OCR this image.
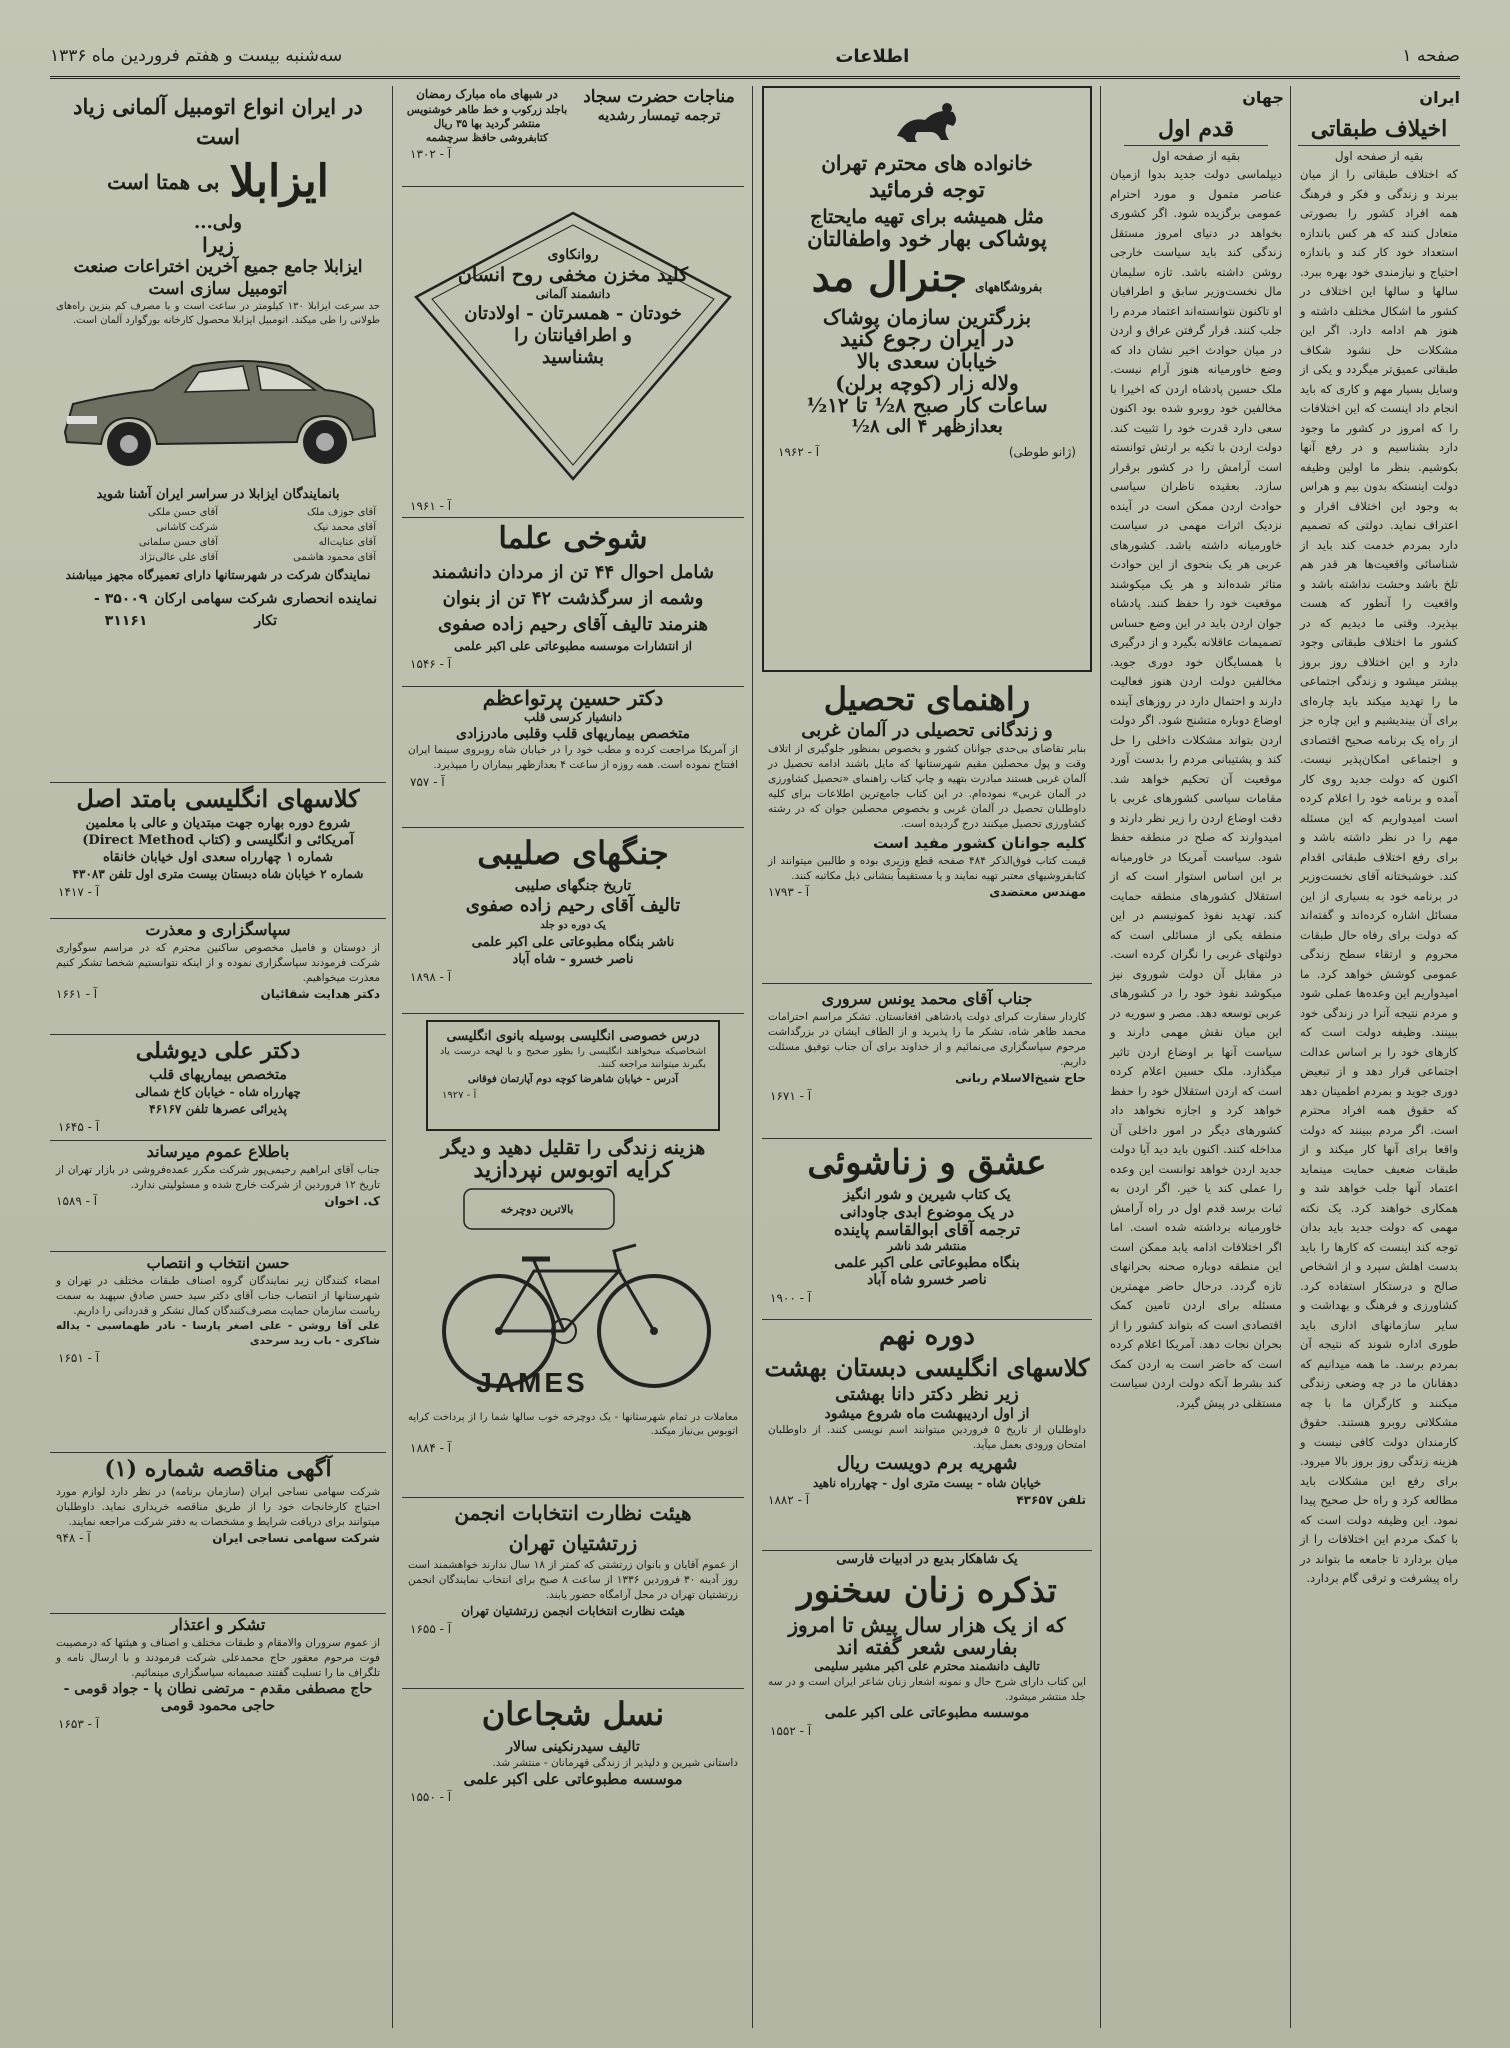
صفحه ۱
اطلاعات
سه‌شنبه بیست و هفتم فروردین ماه ۱۳۳۶
ایران
اخیلاف طبقاتی
بقیه از صفحه اول

که اختلاف طبقاتی را از میان ببرند و زندگی و فکر و فرهنگ همه افراد کشور را بصورتی متعادل کنند که هر کس باندازه استعداد خود کار کند و باندازه احتیاج و نیازمندی خود بهره ببرد. سالها و سالها این اختلاف در کشور ما اشکال مختلف داشته و هنوز هم ادامه دارد. اگر این مشکلات حل نشود شکاف طبقاتی عمیق‌تر میگردد و یکی از وسایل بسیار مهم و کاری که باید انجام داد اینست که این اختلافات را که امروز در کشور ما وجود دارد بشناسیم و در رفع آنها بکوشیم. بنظر ما اولین وظیفه دولت اینستکه بدون بیم و هراس به وجود این اختلاف اقرار و اعتراف نماید. دولتی که تصمیم دارد بمردم خدمت کند باید از شناسائی واقعیت‌ها هر قدر هم تلخ باشد وحشت نداشته باشد و واقعیت را آنطور که هست بپذیرد. وقتی ما دیدیم که در کشور ما اختلاف طبقاتی وجود دارد و این اختلاف روز بروز بیشتر میشود و زندگی اجتماعی ما را تهدید میکند باید چاره‌ای برای آن بیندیشیم و این چاره جز از راه یک برنامه صحیح اقتصادی و اجتماعی امکان‌پذیر نیست. اکنون که دولت جدید روی کار آمده و برنامه خود را اعلام کرده است امیدواریم که این مسئله مهم را در نظر داشته باشد و برای رفع اختلاف طبقاتی اقدام کند. خوشبختانه آقای نخست‌وزیر در برنامه خود به بسیاری از این مسائل اشاره کرده‌اند و گفته‌اند که دولت برای رفاه حال طبقات محروم و ارتقاء سطح زندگی عمومی کوشش خواهد کرد. ما امیدواریم این وعده‌ها عملی شود و مردم نتیجه آنرا در زندگی خود ببینند. وظیفه دولت است که کارهای خود را بر اساس عدالت اجتماعی قرار دهد و از تبعیض دوری جوید و بمردم اطمینان دهد که حقوق همه افراد محترم است. اگر مردم ببینند که دولت واقعا برای آنها کار میکند و از طبقات ضعیف حمایت مینماید اعتماد آنها جلب خواهد شد و همکاری خواهند کرد. یک نکته مهمی که دولت جدید باید بدان توجه کند اینست که کارها را باید بدست اهلش سپرد و از اشخاص صالح و درستکار استفاده کرد. کشاورزی و فرهنگ و بهداشت و سایر سازمانهای اداری باید طوری اداره شوند که نتیجه آن بمردم برسد. ما همه میدانیم که دهقانان ما در چه وضعی زندگی میکنند و کارگران ما با چه مشکلاتی روبرو هستند. حقوق کارمندان دولت کافی نیست و هزینه زندگی روز بروز بالا میرود. برای رفع این مشکلات باید مطالعه کرد و راه حل صحیح پیدا نمود. این وظیفه دولت است که با کمک مردم این اختلافات را از میان بردارد تا جامعه ما بتواند در راه پیشرفت و ترقی گام بردارد.

جهان
قدم اول
بقیه از صفحه اول

دیپلماسی دولت جدید بدوا ازمیان عناصر متمول و مورد احترام عمومی برگزیده شود. اگر کشوری بخواهد در دنیای امروز مستقل زندگی کند باید سیاست خارجی روشن داشته باشد. تازه سلیمان مال نخست‌وزیر سابق و اطرافیان او تاکنون نتوانسته‌اند اعتماد مردم را جلب کنند. قرار گرفتن عراق و اردن در میان حوادث اخیر نشان داد که وضع خاورمیانه هنوز آرام نیست. ملک حسین پادشاه اردن که اخیرا با مخالفین خود روبرو شده بود اکنون سعی دارد قدرت خود را تثبیت کند. دولت اردن با تکیه بر ارتش توانسته است آرامش را در کشور برقرار سازد. بعقیده ناظران سیاسی حوادث اردن ممکن است در آینده نزدیک اثرات مهمی در سیاست خاورمیانه داشته باشد. کشورهای عربی هر یک بنحوی از این حوادث متاثر شده‌اند و هر یک میکوشند موقعیت خود را حفظ کنند. پادشاه جوان اردن باید در این وضع حساس تصمیمات عاقلانه بگیرد و از درگیری با همسایگان خود دوری جوید. مخالفین دولت اردن هنوز فعالیت دارند و احتمال دارد در روزهای آینده اوضاع دوباره متشنج شود. اگر دولت اردن بتواند مشکلات داخلی را حل کند و پشتیبانی مردم را بدست آورد موقعیت آن تحکیم خواهد شد. مقامات سیاسی کشورهای غربی با دقت اوضاع اردن را زیر نظر دارند و امیدوارند که صلح در منطقه حفظ شود. سیاست آمریکا در خاورمیانه بر این اساس استوار است که از استقلال کشورهای منطقه حمایت کند. تهدید نفوذ کمونیسم در این منطقه یکی از مسائلی است که دولتهای غربی را نگران کرده است. در مقابل آن دولت شوروی نیز میکوشد نفوذ خود را در کشورهای عربی توسعه دهد. مصر و سوریه در این میان نقش مهمی دارند و سیاست آنها بر اوضاع اردن تاثیر میگذارد. ملک حسین اعلام کرده است که اردن استقلال خود را حفظ خواهد کرد و اجازه نخواهد داد کشورهای دیگر در امور داخلی آن مداخله کنند. اکنون باید دید آیا دولت جدید اردن خواهد توانست این وعده را عملی کند یا خیر. اگر اردن به ثبات برسد قدم اول در راه آرامش خاورمیانه برداشته شده است. اما اگر اختلافات ادامه یابد ممکن است این منطقه دوباره صحنه بحرانهای تازه گردد. درحال حاضر مهمترین مسئله برای اردن تامین کمک اقتصادی است که بتواند کشور را از بحران نجات دهد. آمریکا اعلام کرده است که حاضر است به اردن کمک کند بشرط آنکه دولت اردن سیاست مستقلی در پیش گیرد.

خانواده های محترم تهران
توجه فرمائید
مثل همیشه برای تهیه مایحتاج
پوشاکی بهار خود واطفالتان
بفروشگاههای
جنرال مد
بزرگترین سازمان پوشاک
در ایران رجوع کنید
خیابان سعدی بالا
ولاله زار (کوچه برلن)
ساعات کار صبح ۸½ تا ۱۲½
بعدازظهر ۴ الی ۸½
(ژانو طوطی)
آ - ۱۹۶۲
راهنمای تحصیل
و زندگانی تحصیلی در آلمان غربی

بنابر تقاضای بی‌حدی جوانان کشور و بخصوص بمنظور جلوگیری از اتلاف وقت و پول محصلین مقیم شهرستانها که مایل باشند ادامه تحصیل در آلمان غربی هستند مبادرت بتهیه و چاپ کتاب راهنمای «تحصیل کشاورزی در آلمان غربی» نموده‌ام. در این کتاب جامع‌ترین اطلاعات برای کلیه داوطلبان تحصیل در آلمان غربی و بخصوص محصلین جوان که در رشته کشاورزی تحصیل میکنند درج گردیده است.

کلیه جوانان کشور مفید است

قیمت کتاب فوق‌الذکر ۴۸۴ صفحه قطع وزیری بوده و طالبین میتوانند از کتابفروشیهای معتبر تهیه نمایند و یا مستقیماً بنشانی ذیل مکاتبه کنند.

مهندس معتضدی
آ - ۱۷۹۳
جناب آقای محمد یونس سروری

کاردار سفارت کبرای دولت پادشاهی افغانستان. تشکر مراسم احترامات محمد ظاهر شاه، تشکر ما را پذیرید و از الطاف ایشان در بزرگداشت مرحوم سپاسگزاری می‌نمائیم و از خداوند برای آن جناب توفیق مسئلت داریم.

حاج شیخ‌الاسلام ربانی
آ - ۱۶۷۱
عشق و زناشوئی
یک کتاب شیرین و شور انگیز
در یک موضوع ابدی جاودانی
ترجمه آقای ابوالقاسم پاینده
منتشر شد ناشر
بنگاه مطبوعاتی علی اکبر علمی
ناصر خسرو شاه آباد
آ - ۱۹۰۰
دوره نهم
کلاسهای انگلیسی دبستان بهشت
زیر نظر دکتر دانا بهشتی
از اول اردیبهشت ماه شروع میشود

داوطلبان از تاریخ ۵ فروردین میتوانند اسم نویسی کنند. از داوطلبان امتحان ورودی بعمل میآید.

شهریه برم دویست ریال
خیابان شاه - بیست متری اول - چهارراه ناهید
تلفن ۴۳۶۵۷
آ - ۱۸۸۲
یک شاهکار بدیع در ادبیات فارسی
تذکره زنان سخنور
که از یک هزار سال پیش تا امروز
بفارسی شعر گفته اند
تالیف دانشمند محترم علی اکبر مشیر سلیمی

این کتاب دارای شرح حال و نمونه اشعار زنان شاعر ایران است و در سه جلد منتشر میشود.

موسسه مطبوعاتی علی اکبر علمی
آ - ۱۵۵۲
مناجات حضرت سجاد
ترجمه تیمسار رشدیه
در شبهای ماه مبارک رمضان
باجلد زرکوب و خط طاهر خوشنویس
منتشر گردید بها ۳۵ ریال
کتابفروشی حافظ سرچشمه
آ - ۱۳۰۲
روانکاوی
کلید مخزن مخفی روح انسان
دانشمند آلمانی
خودتان - همسرتان - اولادتان
و اطرافیانتان را
بشناسید
آ - ۱۹۶۱
شوخی علما
شامل احوال ۴۴ تن از مردان دانشمند
وشمه از سرگذشت ۴۲ تن از بنوان
هنرمند تالیف آقای رحیم زاده صفوی
از انتشارات موسسه مطبوعاتی علی اکبر علمی
آ - ۱۵۴۶
دکتر حسین پرتواعظم
دانشیار کرسی قلب
متخصص بیماریهای قلب وقلبی مادرزادی

از آمریکا مراجعت کرده و مطب خود را در خیابان شاه روبروی سینما ایران افتتاح نموده است. همه روزه از ساعت ۴ بعدازظهر بیماران را میپذیرد.

آ - ۷۵۷
جنگهای صلیبی
تاریخ جنگهای صلیبی
تالیف آقای رحیم زاده صفوی
یک دوره دو جلد
ناشر بنگاه مطبوعاتی علی اکبر علمی
ناصر خسرو - شاه آباد
آ - ۱۸۹۸
درس خصوصی انگلیسی بوسیله بانوی انگلیسی

اشخاصیکه میخواهند انگلیسی را بطور صحیح و با لهجه درست یاد بگیرند میتوانند مراجعه کنند.

آدرس - خیابان شاهرضا کوچه دوم آپارتمان فوقانی
آ - ۱۹۲۷
هزینه زندگی را تقلیل دهید و دیگر
کرایه اتوبوس نپردازید
بالاترین دوچرخه
JAMES

معاملات در تمام شهرستانها - یک دوچرخه خوب سالها شما را از پرداخت کرایه اتوبوس بی‌نیاز میکند.

آ - ۱۸۸۴
هیئت نظارت انتخابات انجمن
زرتشتیان تهران

از عموم آقایان و بانوان زرتشتی که کمتر از ۱۸ سال ندارند خواهشمند است روز آدینه ۳۰ فروردین ۱۳۳۶ از ساعت ۸ صبح برای انتخاب نمایندگان انجمن زرتشتیان تهران در محل آرامگاه حضور یابند.

هیئت نظارت انتخابات انجمن زرتشتیان تهران
آ - ۱۶۵۵
نسل شجاعان
تالیف سیدرنکینی سالار

داستانی شیرین و دلپذیر از زندگی قهرمانان - منتشر شد.

موسسه مطبوعاتی علی اکبر علمی
آ - ۱۵۵۰
در ایران انواع اتومبیل آلمانی زیاد است
ایزابلا
بی همتا است
ولی...
زیرا
ایزابلا جامع جمیع آخرین اختراعات صنعت اتومبیل سازی است

حد سرعت ایزابلا ۱۳۰ کیلومتر در ساعت است و با مصرف کم بنزین راه‌های طولانی را طی میکند. اتومبیل ایزابلا محصول کارخانه بورگوارد آلمان است.

بانمایندگان ایزابلا در سراسر ایران آشنا شوید
آقای جوزف ملک
آقای حسن ملکی
آقای محمد نیک
شرکت کاشانی
آقای عنایت‌اله
آقای حسن سلمانی
آقای محمود هاشمی
آقای علی عالی‌نژاد
نمایندگان شرکت در شهرستانها دارای تعمیرگاه مجهز میباشند
نماینده انحصاری شرکت سهامی ارکان تکار
۳۵۰۰۹ - ۳۱۱۶۱
کلاسهای انگلیسی بامتد اصل
شروع دوره بهاره جهت مبتدیان و عالی با معلمین
آمریکائی و انگلیسی و (کتاب Direct Method)
شماره ۱ چهارراه سعدی اول خیابان خانقاه
شماره ۲ خیابان شاه دبستان بیست متری اول تلفن ۴۳۰۸۳
آ - ۱۴۱۷
سپاسگزاری و معذرت

از دوستان و فامیل مخصوص ساکنین محترم که در مراسم سوگواری شرکت فرمودند سپاسگزاری نموده و از اینکه نتوانستیم شخصا تشکر کنیم معذرت میخواهیم.

دکتر هدایت شقائیان
آ - ۱۶۶۱
دکتر علی دیوشلی
متخصص بیماریهای قلب
چهارراه شاه - خیابان کاخ شمالی
پذیرائی عصرها تلفن ۴۶۱۶۷
آ - ۱۶۴۵
باطلاع عموم میرساند

جناب آقای ابراهیم رحیمی‌پور شرکت مکرر عمده‌فروشی در بازار تهران از تاریخ ۱۲ فروردین از شرکت خارج شده و مسئولیتی ندارد.

ک. اخوان
آ - ۱۵۸۹
حسن انتخاب و انتصاب

امضاء کنندگان زیر نمایندگان گروه اصناف طبقات مختلف در تهران و شهرستانها از انتصاب جناب آقای دکتر سید حسن صادق سپهبد به سمت ریاست سازمان حمایت مصرف‌کنندگان کمال تشکر و قدردانی را داریم.

علی آقا روشن - علی اصغر پارسا - نادر طهماسبی - یداله شاکری - باب زید سرحدی

آ - ۱۶۵۱
آگهی مناقصه شماره (۱)

شرکت سهامی نساجی ایران (سازمان برنامه) در نظر دارد لوازم مورد احتیاج کارخانجات خود را از طریق مناقصه خریداری نماید. داوطلبان میتوانند برای دریافت شرایط و مشخصات به دفتر شرکت مراجعه نمایند.

شرکت سهامی نساجی ایران
آ - ۹۴۸
تشکر و اعتذار

از عموم سروران والامقام و طبقات مختلف و اصناف و هیئتها که درمصیبت فوت مرحوم معفور حاج محمدعلی شرکت فرمودند و با ارسال نامه و تلگراف ما را تسلیت گفتند صمیمانه سپاسگزاری مینمائیم.

حاج مصطفی مقدم - مرتضی نطان پا - جواد قومی - حاجی محمود قومی
آ - ۱۶۵۳
